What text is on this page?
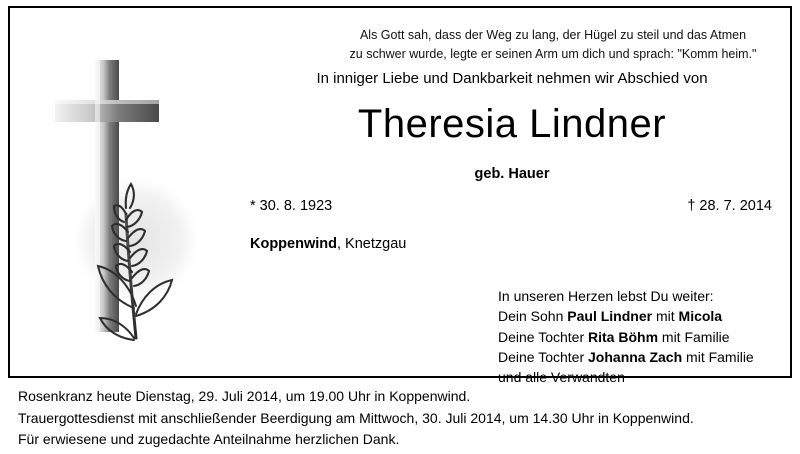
Als Gott sah, dass der Weg zu lang, der Hügel zu steil und das Atmen
zu schwer wurde, legte er seinen Arm um dich und sprach: "Komm heim."
In inniger Liebe und Dankbarkeit nehmen wir Abschied von
Theresia Lindner
geb. Hauer
* 30. 8. 1923	† 28. 7. 2014
Koppenwind, Knetzgau
In unseren Herzen lebst Du weiter:
Dein Sohn Paul Lindner mit Micola
Deine Tochter Rita Böhm mit Familie
Deine Tochter Johanna Zach mit Familie
und alle Verwandten
Rosenkranz heute Dienstag, 29. Juli 2014, um 19.00 Uhr in Koppenwind.
Trauergottesdienst mit anschließender Beerdigung am Mittwoch, 30. Juli 2014, um 14.30 Uhr in Koppenwind.
Für erwiesene und zugedachte Anteilnahme herzlichen Dank.
